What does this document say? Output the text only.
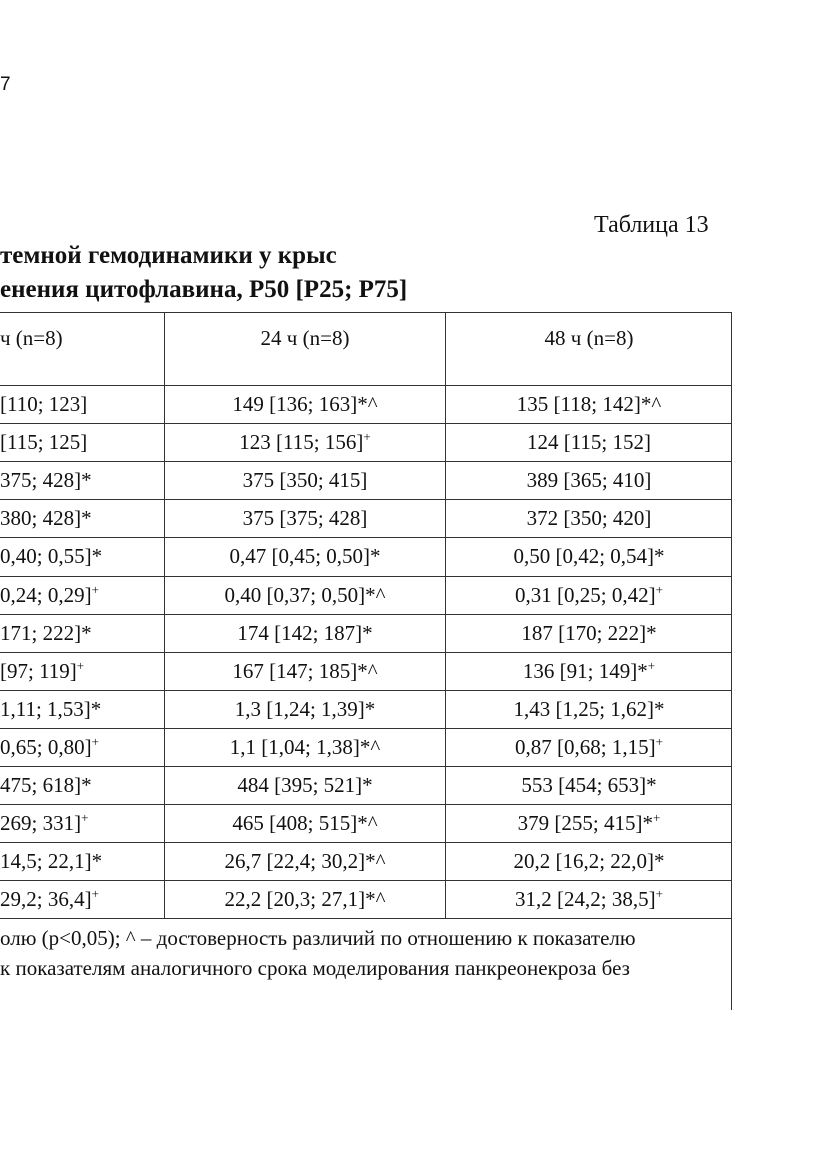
7
Таблица 13
темной гемодинамики у крыс
енения цитофлавина, P50 [P25; P75]
ч (n=8)	24 ч (n=8)	48 ч (n=8)
[110; 123]	149 [136; 163]*^	135 [118; 142]*^
[115; 125]	123 [115; 156]+	124 [115; 152]
375; 428]*	375 [350; 415]	389 [365; 410]
380; 428]*	375 [375; 428]	372 [350; 420]
0,40; 0,55]*	0,47 [0,45; 0,50]*	0,50 [0,42; 0,54]*
0,24; 0,29]+	0,40 [0,37; 0,50]*^	0,31 [0,25; 0,42]+
171; 222]*	174 [142; 187]*	187 [170; 222]*
[97; 119]+	167 [147; 185]*^	136 [91; 149]*+
1,11; 1,53]*	1,3 [1,24; 1,39]*	1,43 [1,25; 1,62]*
0,65; 0,80]+	1,1 [1,04; 1,38]*^	0,87 [0,68; 1,15]+
475; 618]*	484 [395; 521]*	553 [454; 653]*
269; 331]+	465 [408; 515]*^	379 [255; 415]*+
14,5; 22,1]*	26,7 [22,4; 30,2]*^	20,2 [16,2; 22,0]*
29,2; 36,4]+	22,2 [20,3; 27,1]*^	31,2 [24,2; 38,5]+
олю (p<0,05); ^ – достоверность различий по отношению к показателю
к показателям аналогичного срока моделирования панкреонекроза без
